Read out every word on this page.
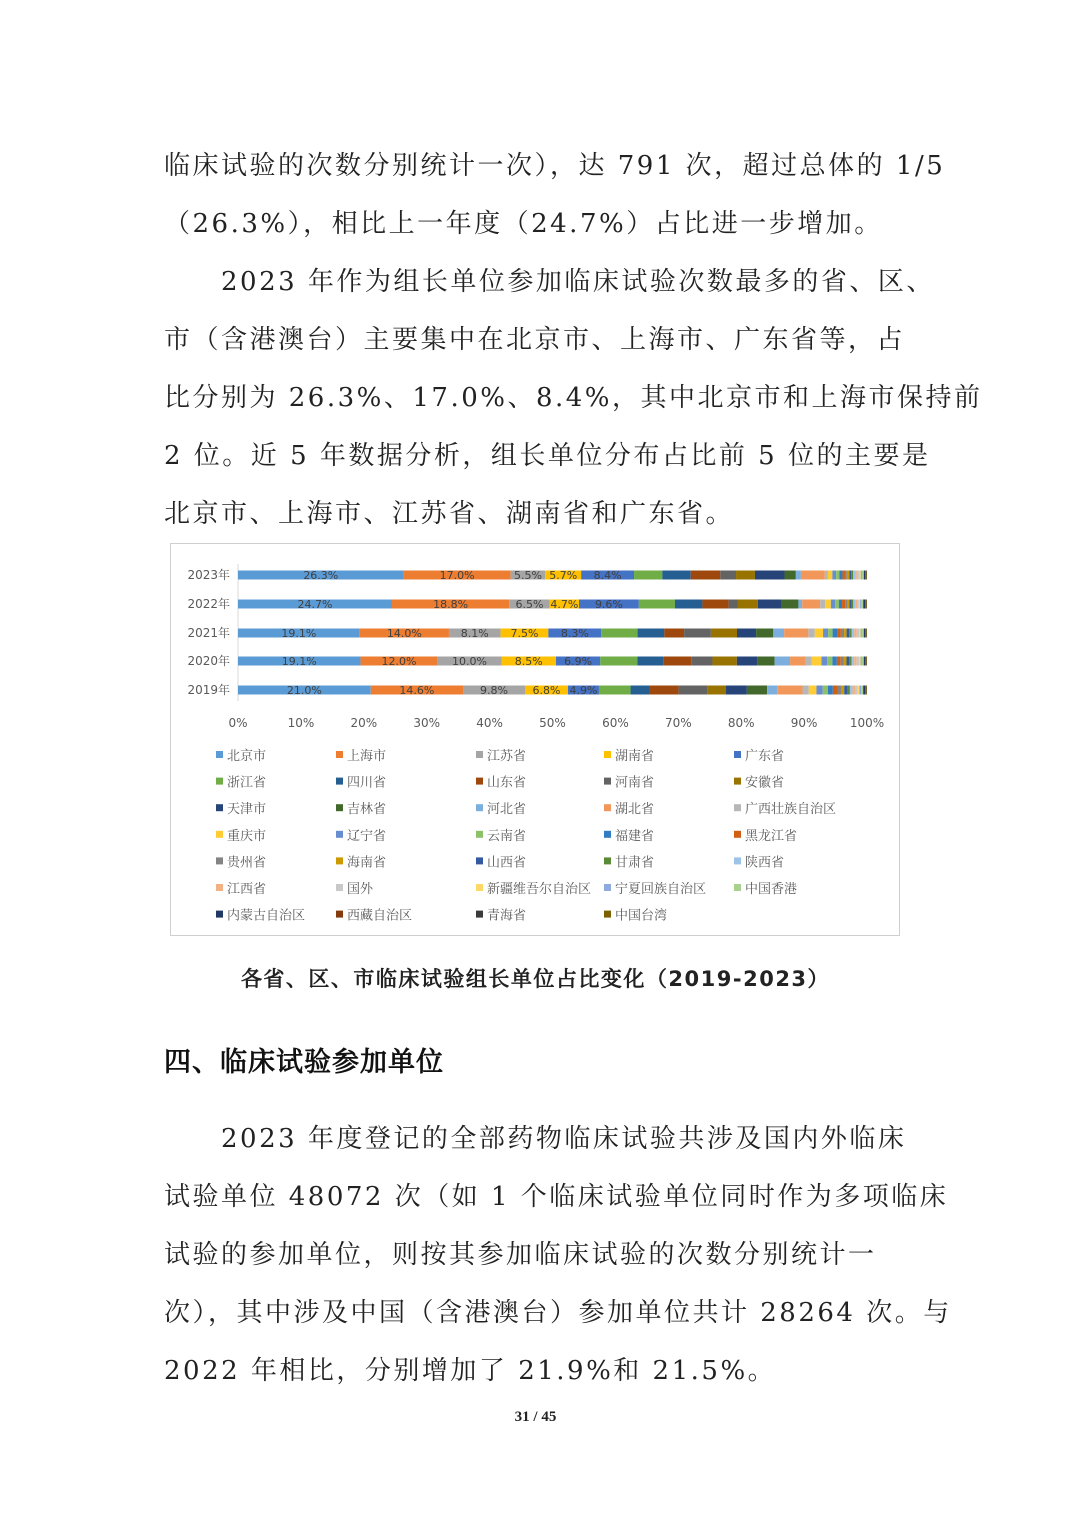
临床试验的次数分别统计一次），达 791 次，超过总体的 1/5
（26.3%），相比上一年度（24.7%）占比进一步增加。
　　2023 年作为组长单位参加临床试验次数最多的省、区、
市（含港澳台）主要集中在北京市、上海市、广东省等，占
比分别为 26.3%、17.0%、8.4%，其中北京市和上海市保持前
2 位。近 5 年数据分析，组长单位分布占比前 5 位的主要是
北京市、上海市、江苏省、湖南省和广东省。
2023年
2022年
2021年
2020年
2019年
26.3%	17.0%	5.5% 5.7% 8.4%
24.7%	18.8%	6.5% 4.7% 9.6%
19.1%	14.0%	8.1% 7.5% 8.3%
19.1%	12.0%	10.0%	8.5% 6.9%
21.0%	14.6%	9.8% 6.8% 4.9%
0%	10%	20%	30%	40%	50%	60%	70%	80%	90%	100%
北京市	上海市	江苏省	湖南省	广东省
浙江省	四川省	山东省	河南省	安徽省
天津市	吉林省	河北省	湖北省	广西壮族自治区
重庆市	辽宁省	云南省	福建省	黑龙江省
贵州省	海南省	山西省	甘肃省	陕西省
江西省	国外	新疆维吾尔自治区 宁夏回族自治区	中国香港
内蒙古自治区	西藏自治区	青海省	中国台湾
各省、区、市临床试验组长单位占比变化（2019-2023）
四、临床试验参加单位
　　2023 年度登记的全部药物临床试验共涉及国内外临床
试验单位 48072 次（如 1 个临床试验单位同时作为多项临床
试验的参加单位，则按其参加临床试验的次数分别统计一
次），其中涉及中国（含港澳台）参加单位共计 28264 次。与
2022 年相比，分别增加了 21.9%和 21.5%。
31 / 45
